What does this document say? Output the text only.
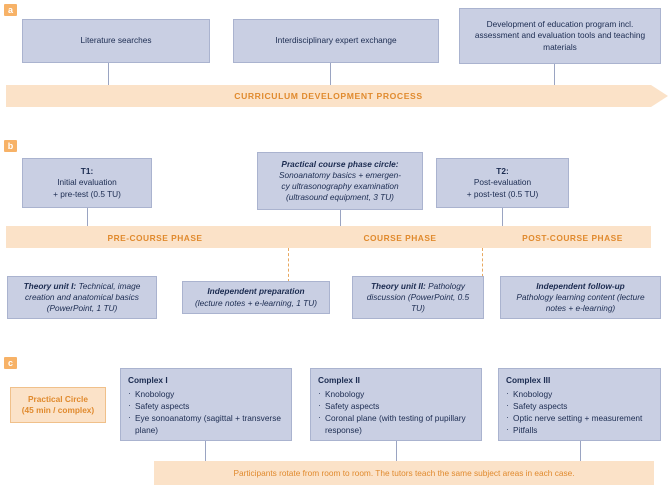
a
Literature searches	Interdisciplinary expert exchange
Development of education program incl. assessment and evaluation tools and teaching materials
CURRICULUM DEVELOPMENT PROCESS
b
T1:
Initial evaluation
+ pre-test (0.5 TU)
Practical course phase circle:
Sonoanatomy basics + emergen-
cy ultrasonography examination
(ultrasound equipment, 3 TU)
T2:
Post-evaluation
+ post-test (0.5 TU)
PRE-COURSE PHASE	COURSE PHASE	POST-COURSE PHASE
Theory unit I: Technical, image creation and anatomical basics (PowerPoint, 1 TU)
Independent preparation
(lecture notes + e-learning, 1 TU)
Theory unit II: Pathology discussion (PowerPoint, 0.5 TU)
Independent follow-up
Pathology learning content (lecture notes + e-learning)
c
Practical Circle
(45 min / complex)
Complex I
· Knobology
· Safety aspects
· Eye sonoanatomy (sagittal + transverse plane)
Complex II
· Knobology
· Safety aspects
· Coronal plane (with testing of pupillary response)
Complex III
· Knobology
· Safety aspects
· Optic nerve setting + measurement
· Pitfalls
Participants rotate from room to room. The tutors teach the same subject areas in each case.
